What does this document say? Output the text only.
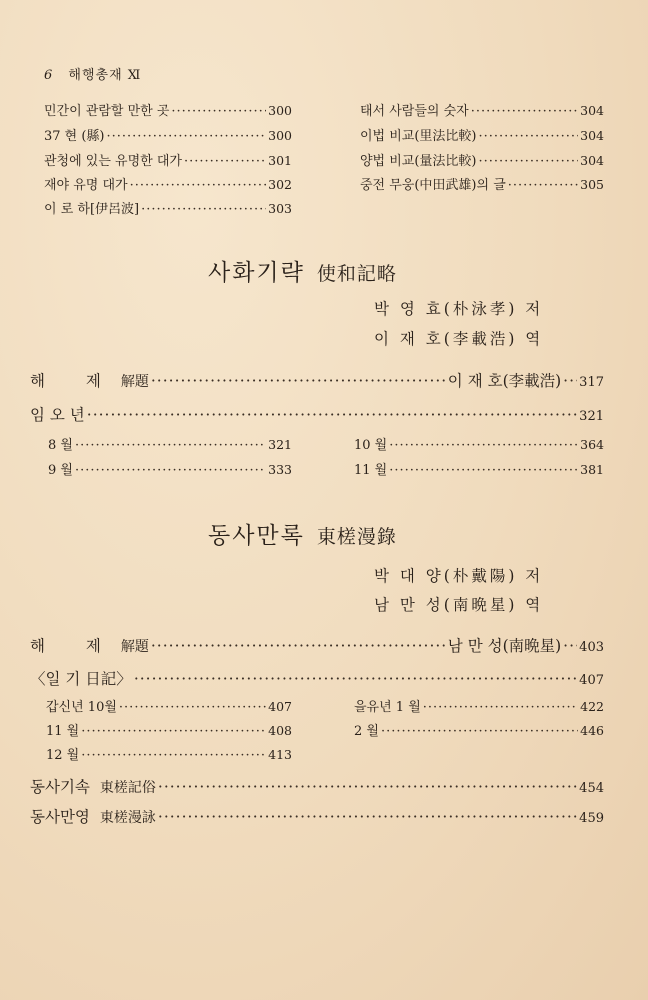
6 해행총재 Ⅺ
민간이 관람할 만한 곳 ·····	300
37 현 (縣) ·····	300
관청에 있는 유명한 대가 ·····	301
재야 유명 대가 ·····	302
이 로 하[伊呂波] ·····	303
태서 사람들의 숫자 ·····	304
이법 비교(里法比較) ·····	304
양법 비교(量法比較) ·····	304
중전 무웅(中田武雄)의 글 ·····	305
사화기략 使和記略
박 영 효(朴泳孝) 저
이 재 호(李載浩) 역
해 제 解題 ·····	이 재 호(李載浩) ····· 317
임 오 년 ·····	321
8 월 ·····	321
9 월 ·····	333
10 월 ·····	364
11 월 ·····	381
동사만록 東槎漫錄
박 대 양(朴戴陽) 저
남 만 성(南晩星) 역
해 제 解題 ·····	남 만 성(南晩星) ····· 403
〈일 기 日記〉 ·····	407
갑신년 10월 ·····	407
11 월 ·····	408
12 월 ·····	413
을유년 1 월 ·····	422
2 월 ·····	446
동사기속 東槎記俗 ·····	454
동사만영 東槎漫詠 ·····	459
